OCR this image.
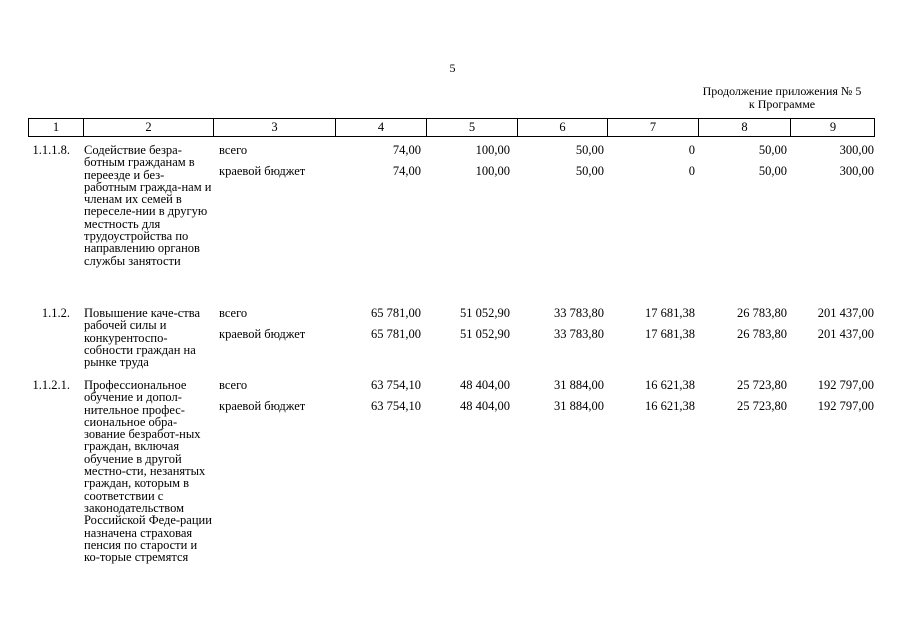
5
Продолжение приложения № 5
к Программе
1	2	3	4	5	6	7	8	9
1.1.1.8. Содействие безра-ботным гражданам в переезде и без-работным гражда-нам и членам их семей в переселе-нии в другую местность для трудоустройства по направлению органов службы занятости
всего	74,00	100,00	50,00	0	50,00	300,00
краевой бюджет	74,00	100,00	50,00	0	50,00	300,00
1.1.2. Повышение каче-ства рабочей силы и конкурентоспо-собности граждан на рынке труда
всего	65 781,00	51 052,90	33 783,80	17 681,38	26 783,80	201 437,00
краевой бюджет	65 781,00	51 052,90	33 783,80	17 681,38	26 783,80	201 437,00
1.1.2.1. Профессиональное обучение и допол-нительное профес-сиональное обра-зование безработ-ных граждан, включая обучение в другой местно-сти, незанятых граждан, которым в соответствии с законодательством Российской Феде-рации назначена страховая пенсия по старости и ко-торые стремятся
всего	63 754,10	48 404,00	31 884,00	16 621,38	25 723,80	192 797,00
краевой бюджет	63 754,10	48 404,00	31 884,00	16 621,38	25 723,80	192 797,00
